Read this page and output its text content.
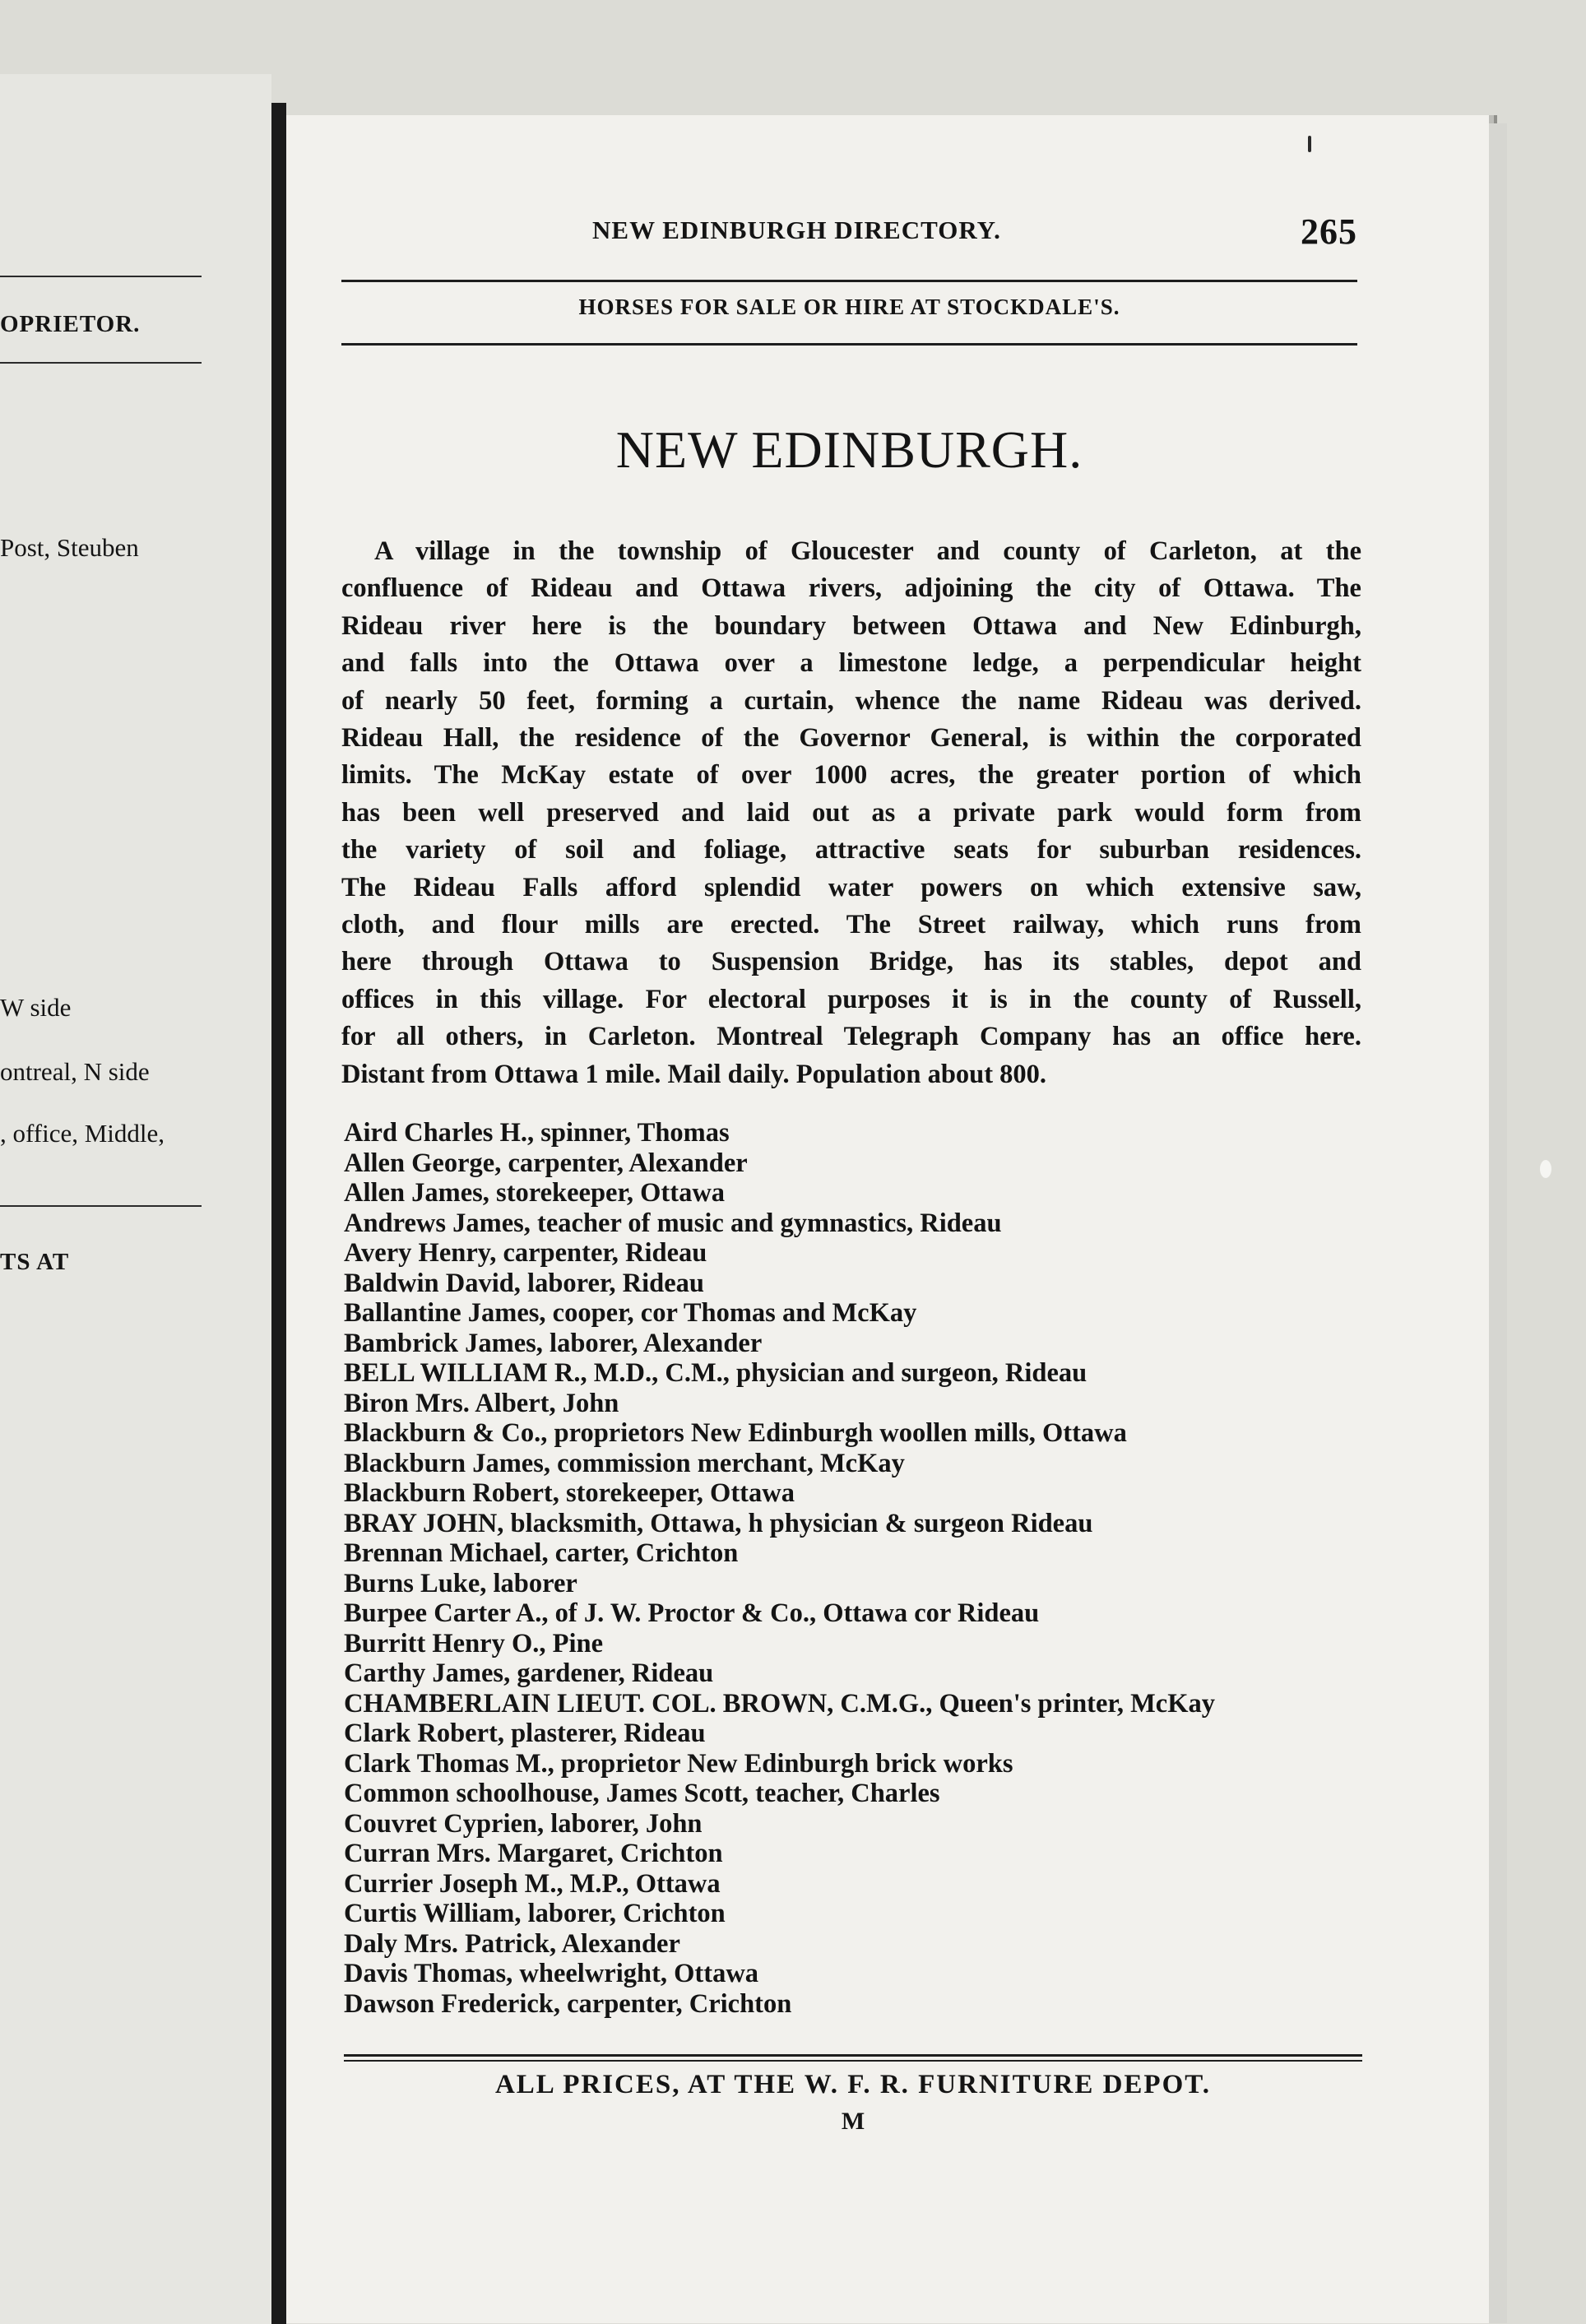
OPRIETOR.
Post, Steuben
W side
ontreal, N side
, office, Middle,
TS AT
NEW EDINBURGH DIRECTORY.	265
HORSES FOR SALE OR HIRE AT STOCKDALE'S.
NEW EDINBURGH.
A village in the township of Gloucester and county of Carleton, at the
confluence of Rideau and Ottawa rivers, adjoining the city of Ottawa. The
Rideau river here is the boundary between Ottawa and New Edinburgh,
and falls into the Ottawa over a limestone ledge, a perpendicular height
of nearly 50 feet, forming a curtain, whence the name Rideau was derived.
Rideau Hall, the residence of the Governor General, is within the corporated
limits. The McKay estate of over 1000 acres, the greater portion of which
has been well preserved and laid out as a private park would form from
the variety of soil and foliage, attractive seats for suburban residences.
The Rideau Falls afford splendid water powers on which extensive saw,
cloth, and flour mills are erected. The Street railway, which runs from
here through Ottawa to Suspension Bridge, has its stables, depot and
offices in this village. For electoral purposes it is in the county of Russell,
for all others, in Carleton. Montreal Telegraph Company has an office here.
Distant from Ottawa 1 mile. Mail daily. Population about 800.
Aird Charles H., spinner, Thomas
Allen George, carpenter, Alexander
Allen James, storekeeper, Ottawa
Andrews James, teacher of music and gymnastics, Rideau
Avery Henry, carpenter, Rideau
Baldwin David, laborer, Rideau
Ballantine James, cooper, cor Thomas and McKay
Bambrick James, laborer, Alexander
BELL WILLIAM R., M.D., C.M., physician and surgeon, Rideau
Biron Mrs. Albert, John
Blackburn & Co., proprietors New Edinburgh woollen mills, Ottawa
Blackburn James, commission merchant, McKay
Blackburn Robert, storekeeper, Ottawa
BRAY JOHN, blacksmith, Ottawa, h physician & surgeon Rideau
Brennan Michael, carter, Crichton
Burns Luke, laborer
Burpee Carter A., of J. W. Proctor & Co., Ottawa cor Rideau
Burritt Henry O., Pine
Carthy James, gardener, Rideau
CHAMBERLAIN LIEUT. COL. BROWN, C.M.G., Queen's printer, McKay
Clark Robert, plasterer, Rideau
Clark Thomas M., proprietor New Edinburgh brick works
Common schoolhouse, James Scott, teacher, Charles
Couvret Cyprien, laborer, John
Curran Mrs. Margaret, Crichton
Currier Joseph M., M.P., Ottawa
Curtis William, laborer, Crichton
Daly Mrs. Patrick, Alexander
Davis Thomas, wheelwright, Ottawa
Dawson Frederick, carpenter, Crichton
ALL PRICES, AT THE W. F. R. FURNITURE DEPOT.
M
